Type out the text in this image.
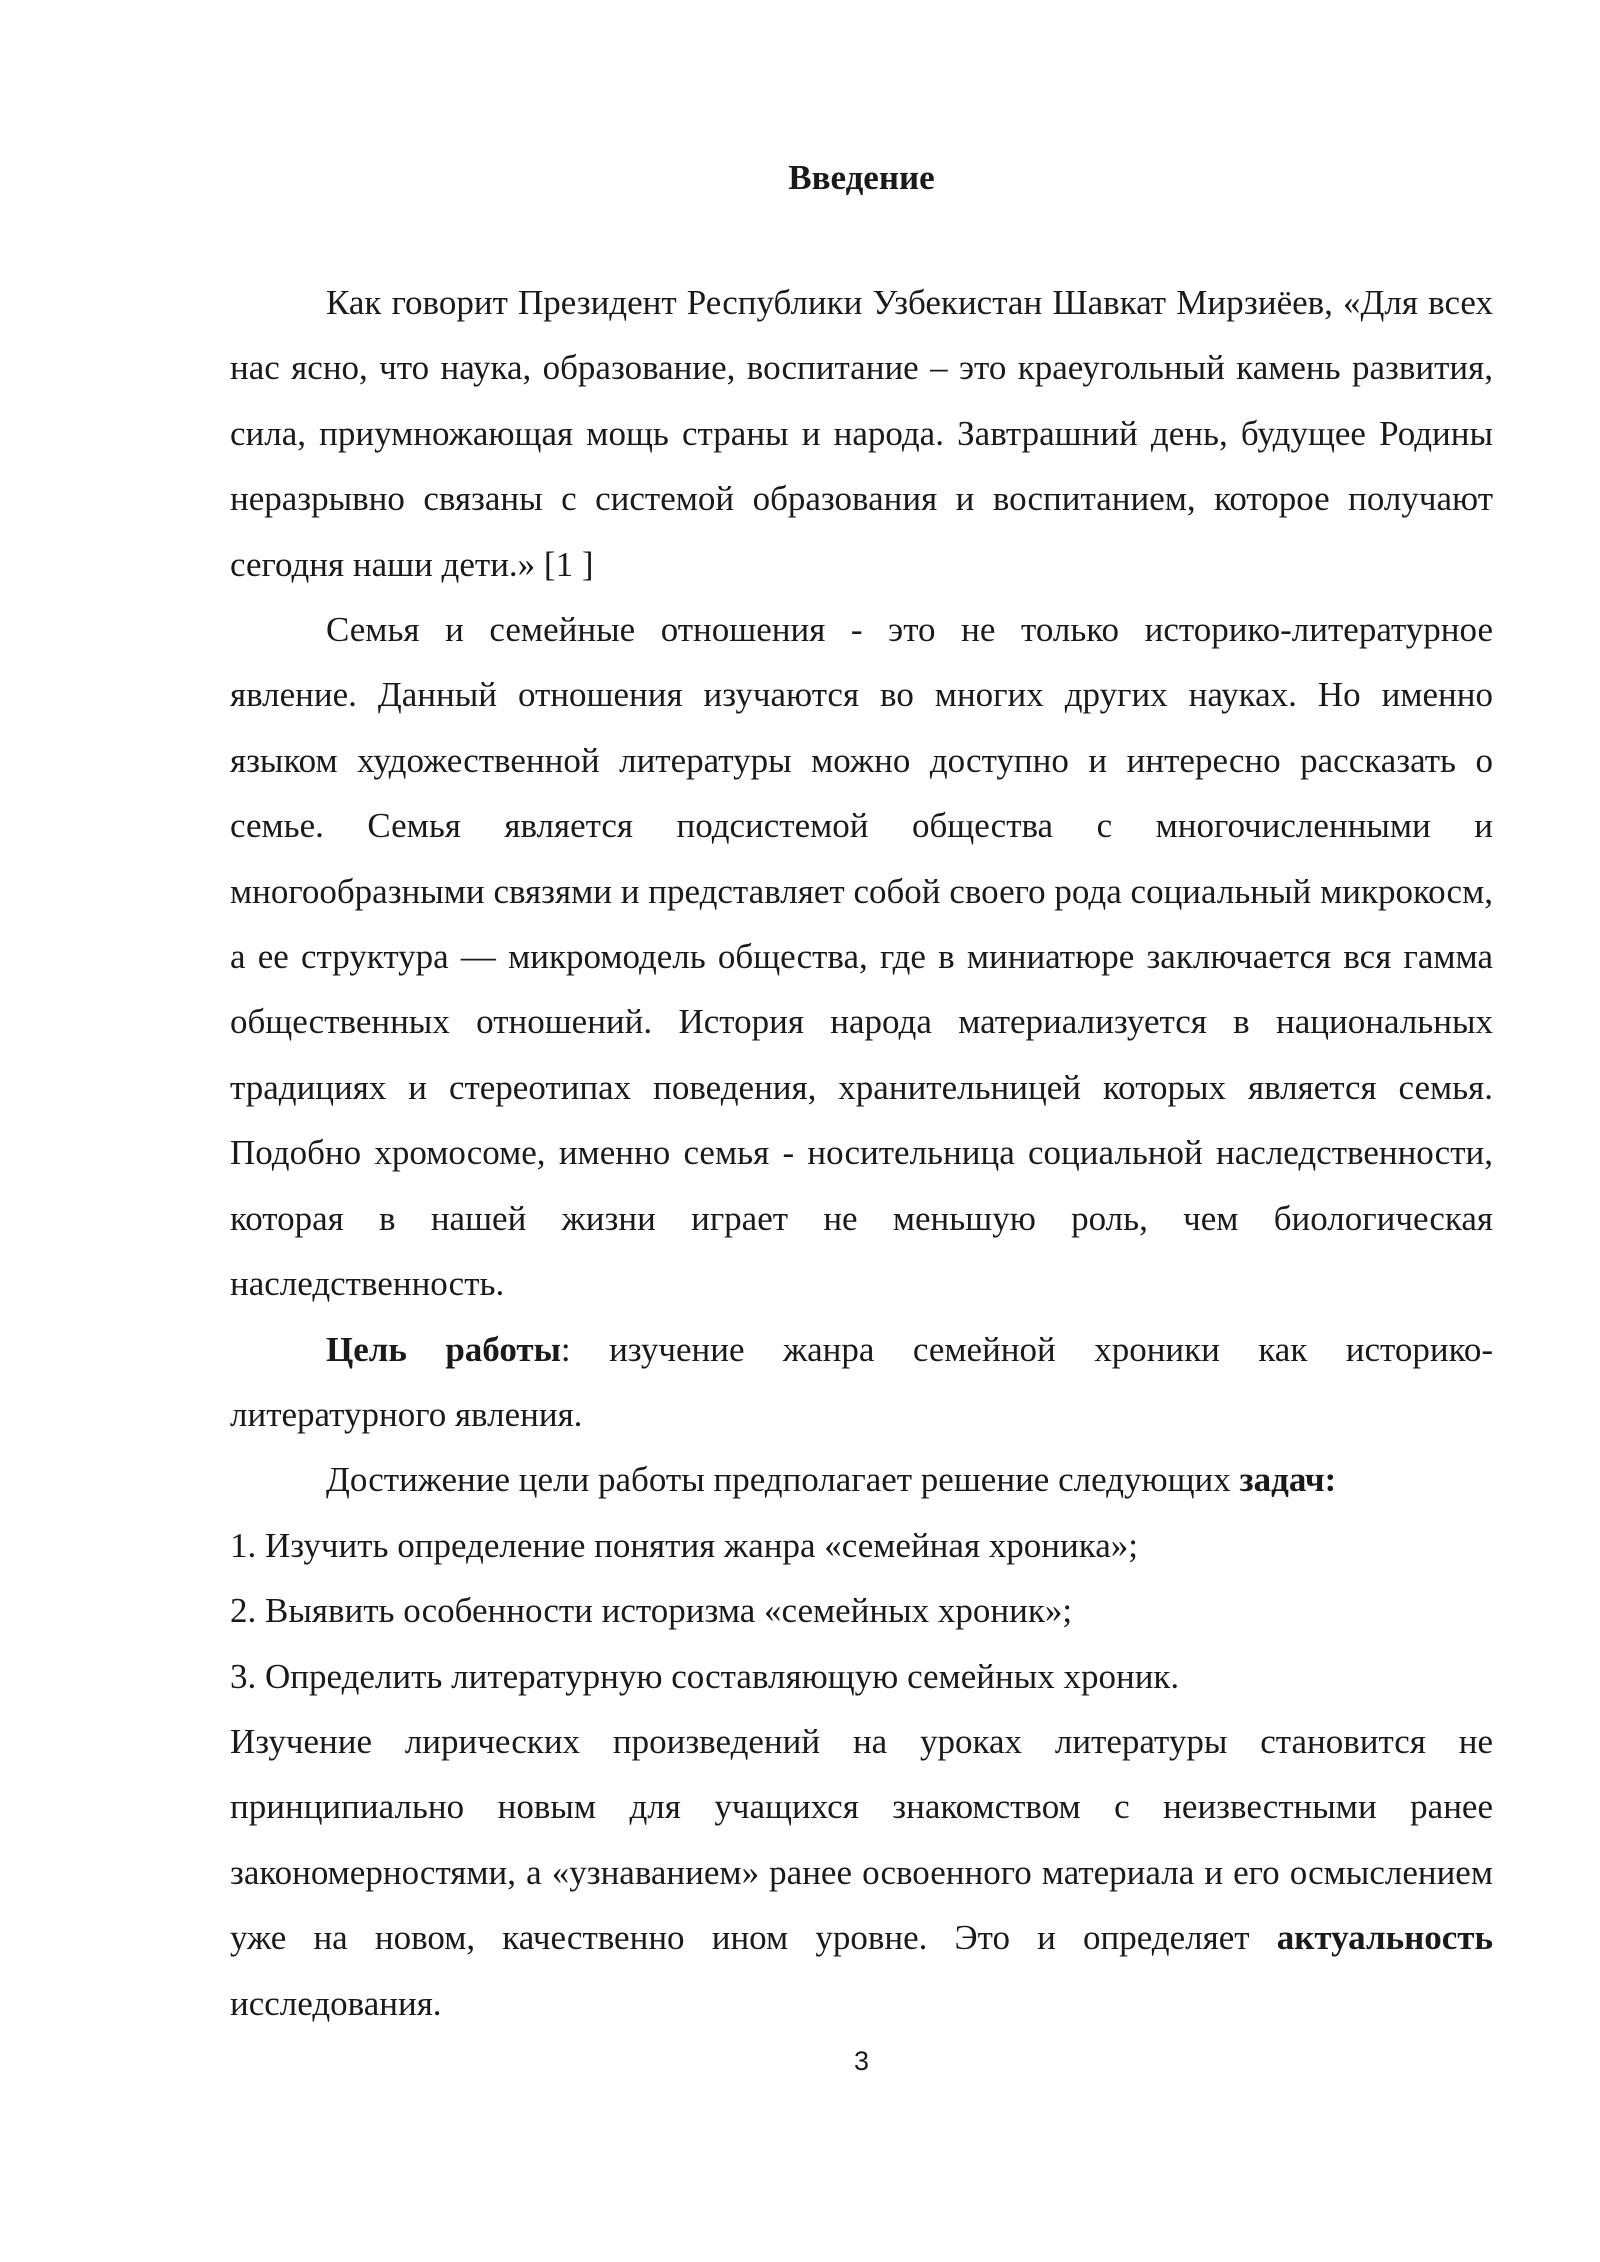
Введение

Как говорит Президент Республики Узбекистан Шавкат Мирзиёев, «Для всех нас ясно, что наука, образование, воспитание – это краеугольный камень развития, сила, приумножающая мощь страны и народа. Завтрашний день, будущее Родины неразрывно связаны с системой образования и воспитанием, которое получают сегодня наши дети.» [1 ]

Семья и семейные отношения - это не только историко-литературное явление. Данный отношения изучаются во многих других науках. Но именно языком художественной литературы можно доступно и интересно рассказать о семье. Семья является подсистемой общества с многочисленными и многообразными связями и представляет собой своего рода социальный микрокосм, а ее структура — микромодель общества, где в миниатюре заключается вся гамма общественных отношений. История народа материализуется в национальных традициях и стереотипах поведения, хранительницей которых является семья. Подобно хромосоме, именно семья - носительница социальной наследственности, которая в нашей жизни играет не меньшую роль, чем биологическая наследственность.

Цель работы: изучение жанра семейной хроники как историко-литературного явления.

Достижение цели работы предполагает решение следующих задач:

1. Изучить определение понятия жанра «семейная хроника»;

2. Выявить особенности историзма «семейных хроник»;

3. Определить литературную составляющую семейных хроник.

Изучение лирических произведений на уроках литературы становится не принципиально новым для учащихся знакомством с неизвестными ранее закономерностями, а «узнаванием» ранее освоенного материала и его осмыслением уже на новом, качественно ином уровне. Это и определяет актуальность исследования.

3
